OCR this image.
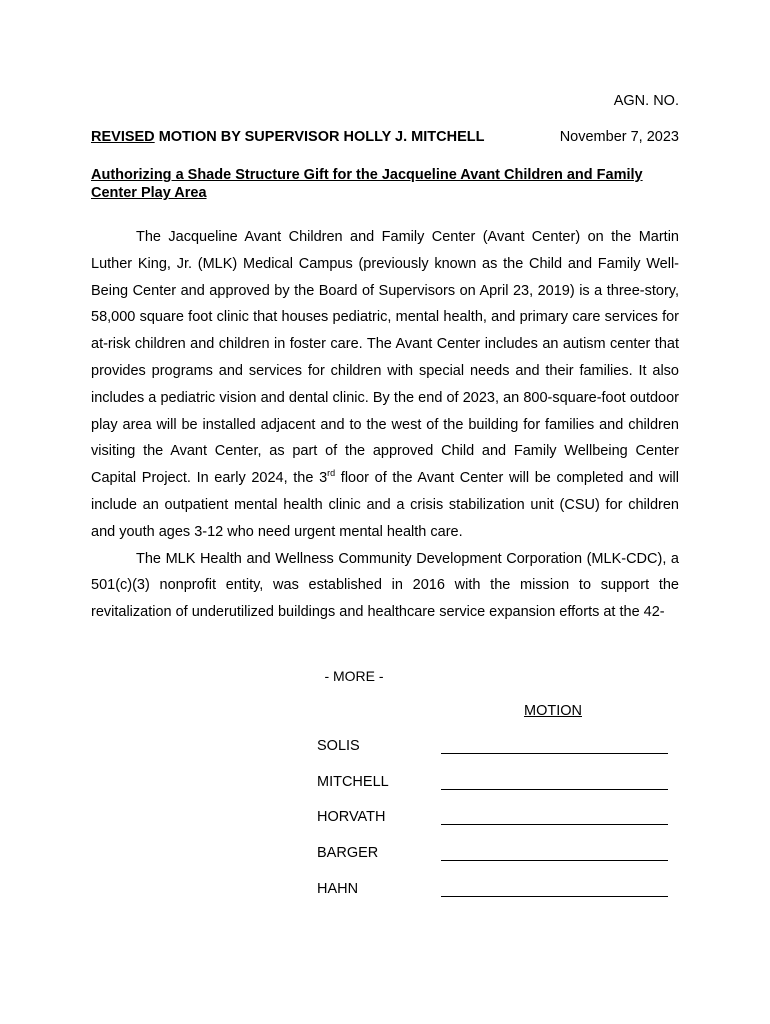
AGN. NO.
REVISED MOTION BY SUPERVISOR HOLLY J. MITCHELL	November 7, 2023
Authorizing a Shade Structure Gift for the Jacqueline Avant Children and Family Center Play Area

The Jacqueline Avant Children and Family Center (Avant Center) on the Martin Luther King, Jr. (MLK) Medical Campus (previously known as the Child and Family Well-Being Center and approved by the Board of Supervisors on April 23, 2019) is a three-story, 58,000 square foot clinic that houses pediatric, mental health, and primary care services for at-risk children and children in foster care. The Avant Center includes an autism center that provides programs and services for children with special needs and their families. It also includes a pediatric vision and dental clinic. By the end of 2023, an 800-square-foot outdoor play area will be installed adjacent and to the west of the building for families and children visiting the Avant Center, as part of the approved Child and Family Wellbeing Center Capital Project. In early 2024, the 3rd floor of the Avant Center will be completed and will include an outpatient mental health clinic and a crisis stabilization unit (CSU) for children and youth ages 3-12 who need urgent mental health care.

The MLK Health and Wellness Community Development Corporation (MLK-CDC), a 501(c)(3) nonprofit entity, was established in 2016 with the mission to support the revitalization of underutilized buildings and healthcare service expansion efforts at the 42-

- MORE -
MOTION
SOLIS
MITCHELL
HORVATH
BARGER
HAHN
